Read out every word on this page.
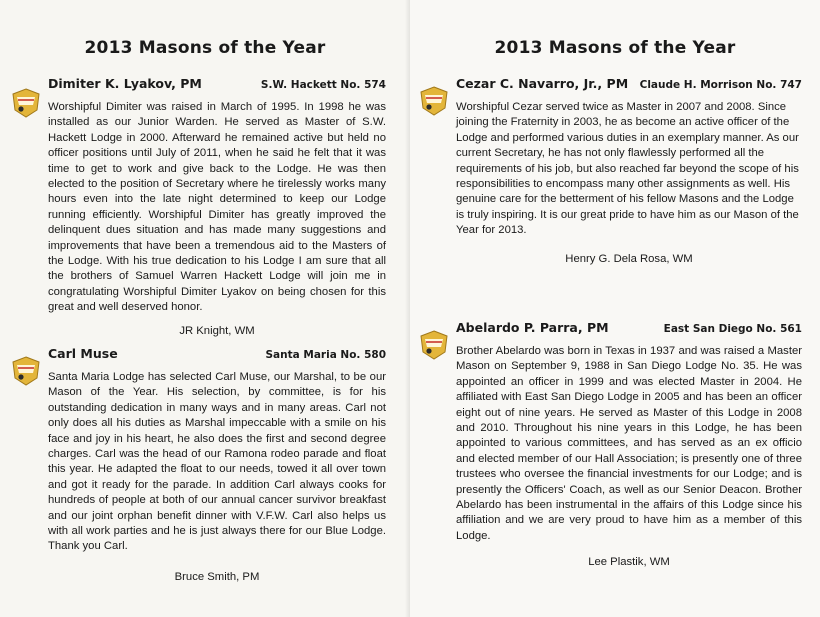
2013 Masons of the Year
Dimiter K. Lyakov, PM	S.W. Hackett No. 574

Worshipful Dimiter was raised in March of 1995. In 1998 he was installed as our Junior Warden. He served as Master of S.W. Hackett Lodge in 2000. Afterward he remained active but held no officer positions until July of 2011, when he said he felt that it was time to get to work and give back to the Lodge. He was then elected to the position of Secretary where he tirelessly works many hours even into the late night determined to keep our Lodge running efficiently. Worshipful Dimiter has greatly improved the delinquent dues situation and has made many suggestions and improvements that have been a tremendous aid to the Masters of the Lodge. With his true dedication to his Lodge I am sure that all the brothers of Samuel Warren Hackett Lodge will join me in congratulating Worshipful Dimiter Lyakov on being chosen for this great and well deserved honor.

JR Knight, WM

Carl Muse	Santa Maria No. 580

Santa Maria Lodge has selected Carl Muse, our Marshal, to be our Mason of the Year. His selection, by committee, is for his outstanding dedication in many ways and in many areas. Carl not only does all his duties as Marshal impeccable with a smile on his face and joy in his heart, he also does the first and second degree charges. Carl was the head of our Ramona rodeo parade and float this year. He adapted the float to our needs, towed it all over town and got it ready for the parade. In addition Carl always cooks for hundreds of people at both of our annual cancer survivor breakfast and our joint orphan benefit dinner with V.F.W. Carl also helps us with all work parties and he is just always there for our Blue Lodge. Thank you Carl.

Bruce Smith, PM

2013 Masons of the Year
Cezar C. Navarro, Jr., PM Claude H. Morrison No. 747

Worshipful Cezar served twice as Master in 2007 and 2008. Since joining the Fraternity in 2003, he as become an active officer of the Lodge and performed various duties in an exemplary manner. As our current Secretary, he has not only flawlessly performed all the requirements of his job, but also reached far beyond the scope of his responsibilities to encompass many other assignments as well. His genuine care for the betterment of his fellow Masons and the Lodge is truly inspiring. It is our great pride to have him as our Mason of the Year for 2013.

Henry G. Dela Rosa, WM

Abelardo P. Parra, PM	East San Diego No. 561

Brother Abelardo was born in Texas in 1937 and was raised a Master Mason on September 9, 1988 in San Diego Lodge No. 35. He was appointed an officer in 1999 and was elected Master in 2004. He affiliated with East San Diego Lodge in 2005 and has been an officer eight out of nine years. He served as Master of this Lodge in 2008 and 2010. Throughout his nine years in this Lodge, he has been appointed to various committees, and has served as an ex officio and elected member of our Hall Association; is presently one of three trustees who oversee the financial investments for our Lodge; and is presently the Officers' Coach, as well as our Senior Deacon. Brother Abelardo has been instrumental in the affairs of this Lodge since his affiliation and we are very proud to have him as a member of this Lodge.

Lee Plastik, WM
